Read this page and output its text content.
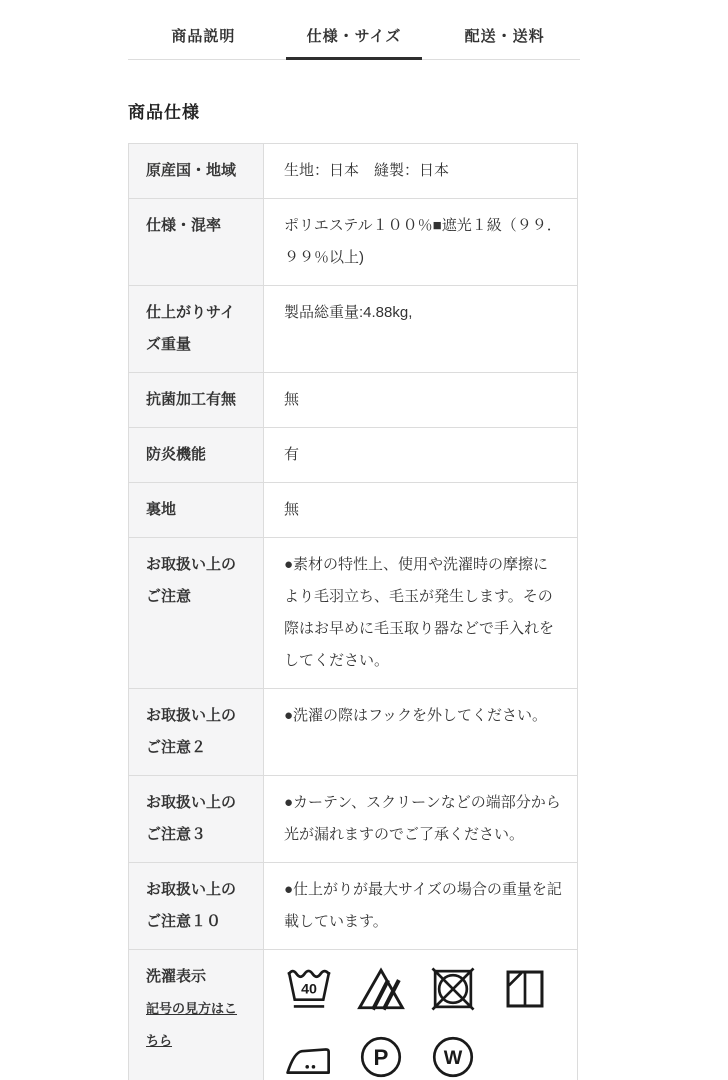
商品説明	仕様・サイズ	配送・送料
商品仕様
原産国・地域	生地：日本　縫製：日本
仕様・混率	ポリエステル１００％■遮光１級（９９．９９％以上)
仕上がりサイズ重量	製品総重量:4.88kg,
抗菌加工有無	無
防炎機能	有
裏地	無
お取扱い上のご注意	●素材の特性上、使用や洗濯時の摩擦により毛羽立ち、毛玉が発生します。その際はお早めに毛玉取り器などで手入れをしてください。
お取扱い上のご注意２	●洗濯の際はフックを外してください。
お取扱い上のご注意３	●カーテン、スクリーンなどの端部分から光が漏れますのでご了承ください。
お取扱い上のご注意１０	●仕上がりが最大サイズの場合の重量を記載しています。

洗濯表示
記号の見方はこちら	40
P W
